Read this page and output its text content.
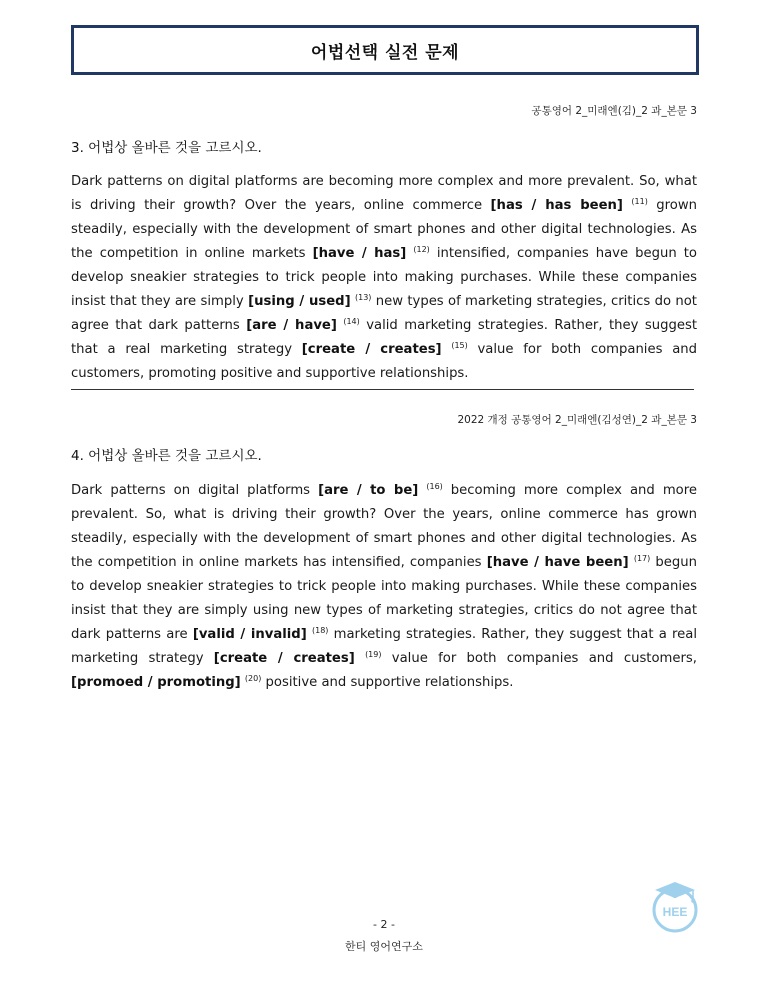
어법선택 실전 문제
공통영어 2_미래엔(김)_2 과_본문 3
3. 어법상 올바른 것을 고르시오.
Dark patterns on digital platforms are becoming more complex and more prevalent. So, what is driving their growth? Over the years, online commerce [has / has been] $^{(11)}$ grown steadily, especially with the development of smart phones and other digital technologies. As the competition in online markets [have / has] $^{(12)}$ intensified, companies have begun to develop sneakier strategies to trick people into making purchases. While these companies insist that they are simply [using / used] $^{(13)}$ new types of marketing strategies, critics do not agree that dark patterns [are / have] $^{(14)}$ valid marketing strategies. Rather, they suggest that a real marketing strategy [create / creates] $^{(15)}$ value for both companies and customers, promoting positive and supportive relationships.
2022 개정 공통영어 2_미래엔(김성연)_2 과_본문 3
4. 어법상 올바른 것을 고르시오.
Dark patterns on digital platforms [are / to be] $^{(16)}$ becoming more complex and more prevalent. So, what is driving their growth? Over the years, online commerce has grown steadily, especially with the development of smart phones and other digital technologies. As the competition in online markets has intensified, companies [have / have been] $^{(17)}$ begun to develop sneakier strategies to trick people into making purchases. While these companies insist that they are simply using new types of marketing strategies, critics do not agree that dark patterns are [valid / invalid] $^{(18)}$ marketing strategies. Rather, they suggest that a real marketing strategy [create / creates] $^{(19)}$ value for both companies and customers, [promoed / promoting] $^{(20)}$ positive and supportive relationships.
HEE
- 2 -
한티 영어연구소
